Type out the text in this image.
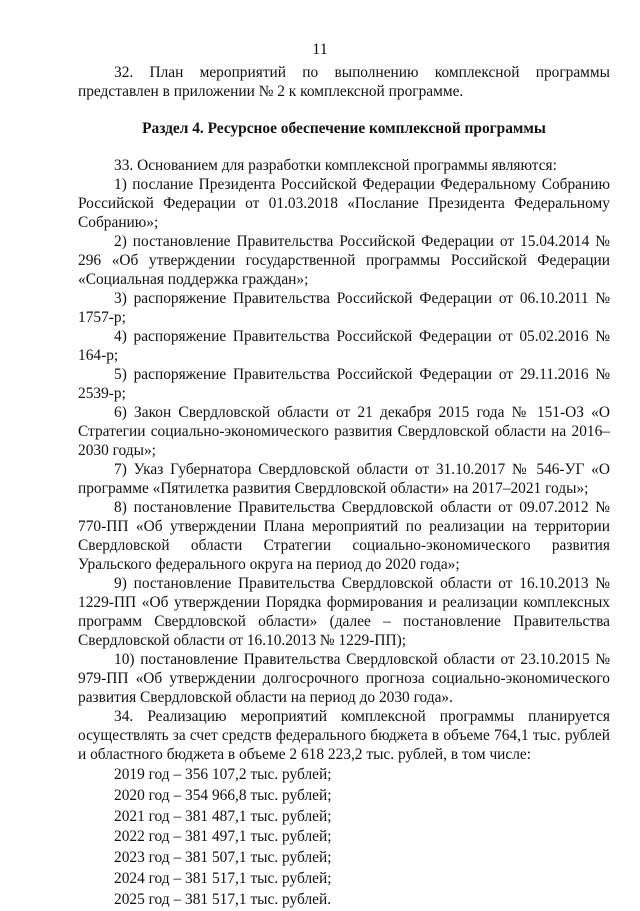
11

32. План мероприятий по выполнению комплексной программы представлен в приложении № 2 к комплексной программе.

Раздел 4. Ресурсное обеспечение комплексной программы

33. Основанием для разработки комплексной программы являются:

1) послание Президента Российской Федерации Федеральному Собранию Российской Федерации от 01.03.2018 «Послание Президента Федеральному Собранию»;

2) постановление Правительства Российской Федерации от 15.04.2014 № 296 «Об утверждении государственной программы Российской Федерации «Социальная поддержка граждан»;

3) распоряжение Правительства Российской Федерации от 06.10.2011 № 1757-р;

4) распоряжение Правительства Российской Федерации от 05.02.2016 № 164-р;

5) распоряжение Правительства Российской Федерации от 29.11.2016 № 2539-р;

6) Закон Свердловской области от 21 декабря 2015 года № 151-ОЗ «О Стратегии социально-экономического развития Свердловской области на 2016–2030 годы»;

7) Указ Губернатора Свердловской области от 31.10.2017 № 546-УГ «О программе «Пятилетка развития Свердловской области» на 2017–2021 годы»;

8) постановление Правительства Свердловской области от 09.07.2012 № 770-ПП «Об утверждении Плана мероприятий по реализации на территории Свердловской области Стратегии социально-экономического развития Уральского федерального округа на период до 2020 года»;

9) постановление Правительства Свердловской области от 16.10.2013 № 1229-ПП «Об утверждении Порядка формирования и реализации комплексных программ Свердловской области» (далее – постановление Правительства Свердловской области от 16.10.2013 № 1229-ПП);

10) постановление Правительства Свердловской области от 23.10.2015 № 979-ПП «Об утверждении долгосрочного прогноза социально-экономического развития Свердловской области на период до 2030 года».

34. Реализацию мероприятий комплексной программы планируется осуществлять за счет средств федерального бюджета в объеме 764,1 тыс. рублей и областного бюджета в объеме 2 618 223,2 тыс. рублей, в том числе:

2019 год – 356 107,2 тыс. рублей;
2020 год – 354 966,8 тыс. рублей;
2021 год – 381 487,1 тыс. рублей;
2022 год – 381 497,1 тыс. рублей;
2023 год – 381 507,1 тыс. рублей;
2024 год – 381 517,1 тыс. рублей;
2025 год – 381 517,1 тыс. рублей.
